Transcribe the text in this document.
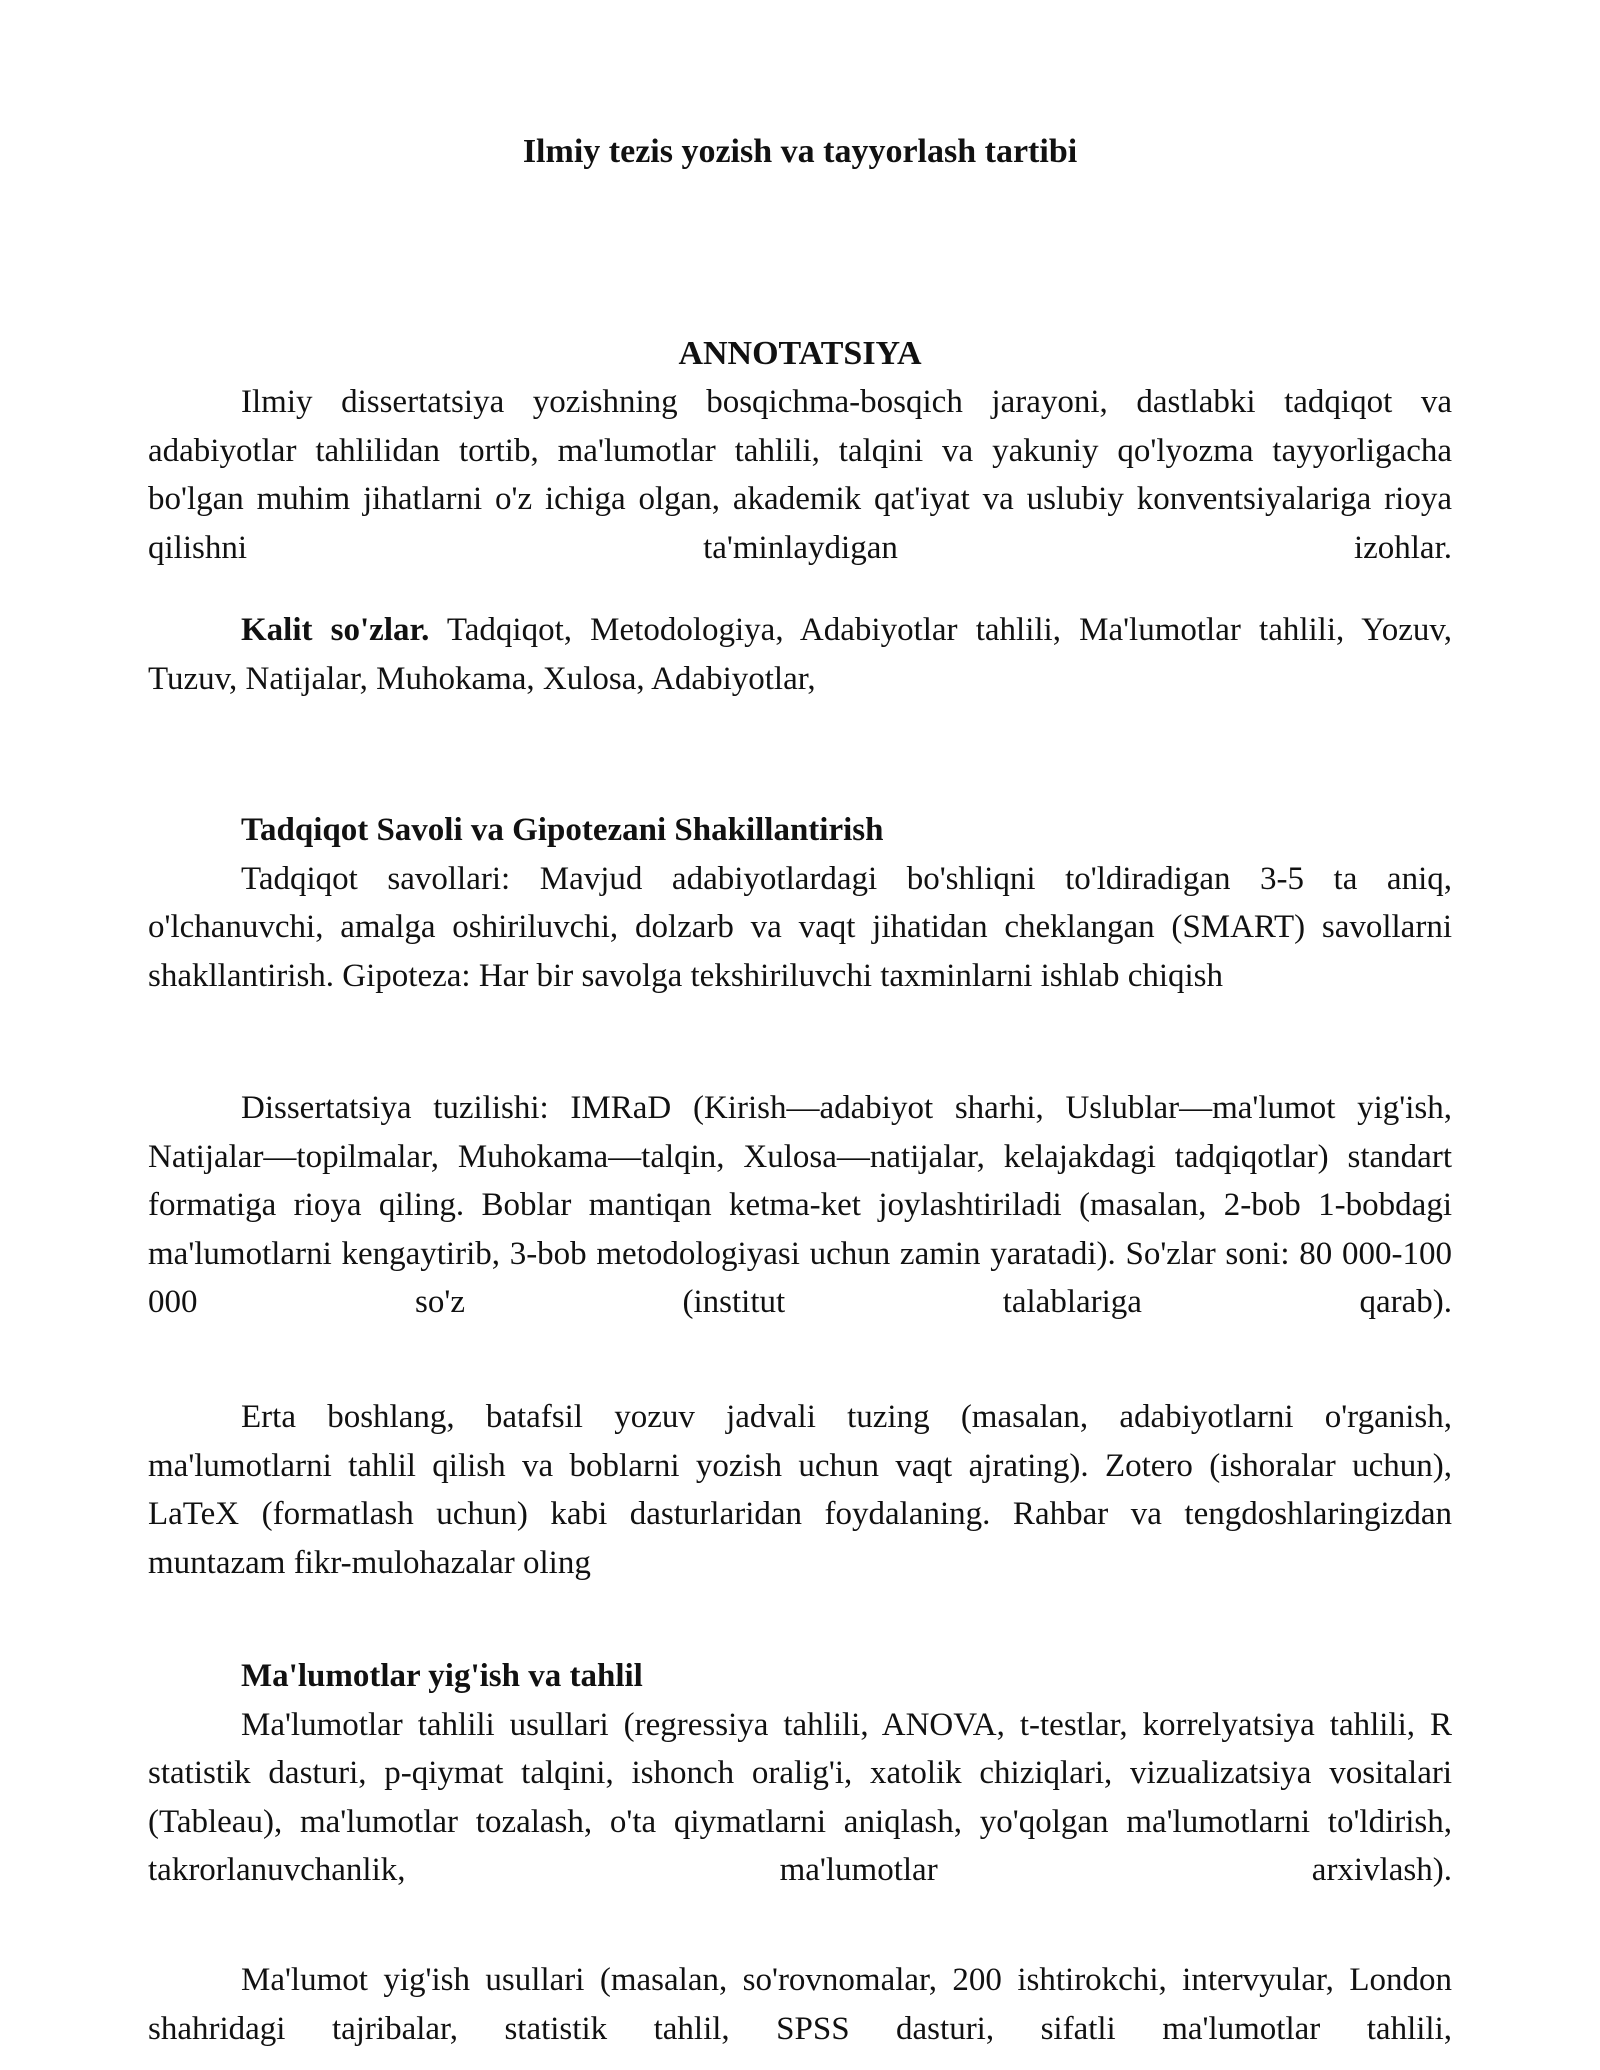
Ilmiy tezis yozish va tayyorlash tartibi
ANNOTATSIYA

Ilmiy dissertatsiya yozishning bosqichma-bosqich jarayoni, dastlabki tadqiqot va adabiyotlar tahlilidan tortib, ma'lumotlar tahlili, talqini va yakuniy qo'lyozma tayyorligacha bo'lgan muhim jihatlarni o'z ichiga olgan, akademik qat'iyat va uslubiy konventsiyalariga rioya qilishni ta'minlaydigan izohlar.

Kalit so'zlar. Tadqiqot, Metodologiya, Adabiyotlar tahlili, Ma'lumotlar tahlili, Yozuv, Tuzuv, Natijalar, Muhokama, Xulosa, Adabiyotlar,

Tadqiqot Savoli va Gipotezani Shakillantirish

Tadqiqot savollari: Mavjud adabiyotlardagi bo'shliqni to'ldiradigan 3-5 ta aniq, o'lchanuvchi, amalga oshiriluvchi, dolzarb va vaqt jihatidan cheklangan (SMART) savollarni shakllantirish. Gipoteza: Har bir savolga tekshiriluvchi taxminlarni ishlab chiqish

Dissertatsiya tuzilishi: IMRaD (Kirish—adabiyot sharhi, Uslublar—ma'lumot yig'ish, Natijalar—topilmalar, Muhokama—talqin, Xulosa—natijalar, kelajakdagi tadqiqotlar) standart formatiga rioya qiling. Boblar mantiqan ketma-ket joylashtiriladi (masalan, 2-bob 1-bobdagi ma'lumotlarni kengaytirib, 3-bob metodologiyasi uchun zamin yaratadi). So'zlar soni: 80 000-100 000 so'z (institut talablariga qarab).

Erta boshlang, batafsil yozuv jadvali tuzing (masalan, adabiyotlarni o'rganish, ma'lumotlarni tahlil qilish va boblarni yozish uchun vaqt ajrating). Zotero (ishoralar uchun), LaTeX (formatlash uchun) kabi dasturlaridan foydalaning. Rahbar va tengdoshlaringizdan muntazam fikr-mulohazalar oling

Ma'lumotlar yig'ish va tahlil

Ma'lumotlar tahlili usullari (regressiya tahlili, ANOVA, t-testlar, korrelyatsiya tahlili, R statistik dasturi, p-qiymat talqini, ishonch oralig'i, xatolik chiziqlari, vizualizatsiya vositalari (Tableau), ma'lumotlar tozalash, o'ta qiymatlarni aniqlash, yo'qolgan ma'lumotlarni to'ldirish, takrorlanuvchanlik, ma'lumotlar arxivlash).

Ma'lumot yig'ish usullari (masalan, so'rovnomalar, 200 ishtirokchi, intervyular, London shahridagi tajribalar, statistik tahlil, SPSS dasturi, sifatli ma'lumotlar tahlili,
